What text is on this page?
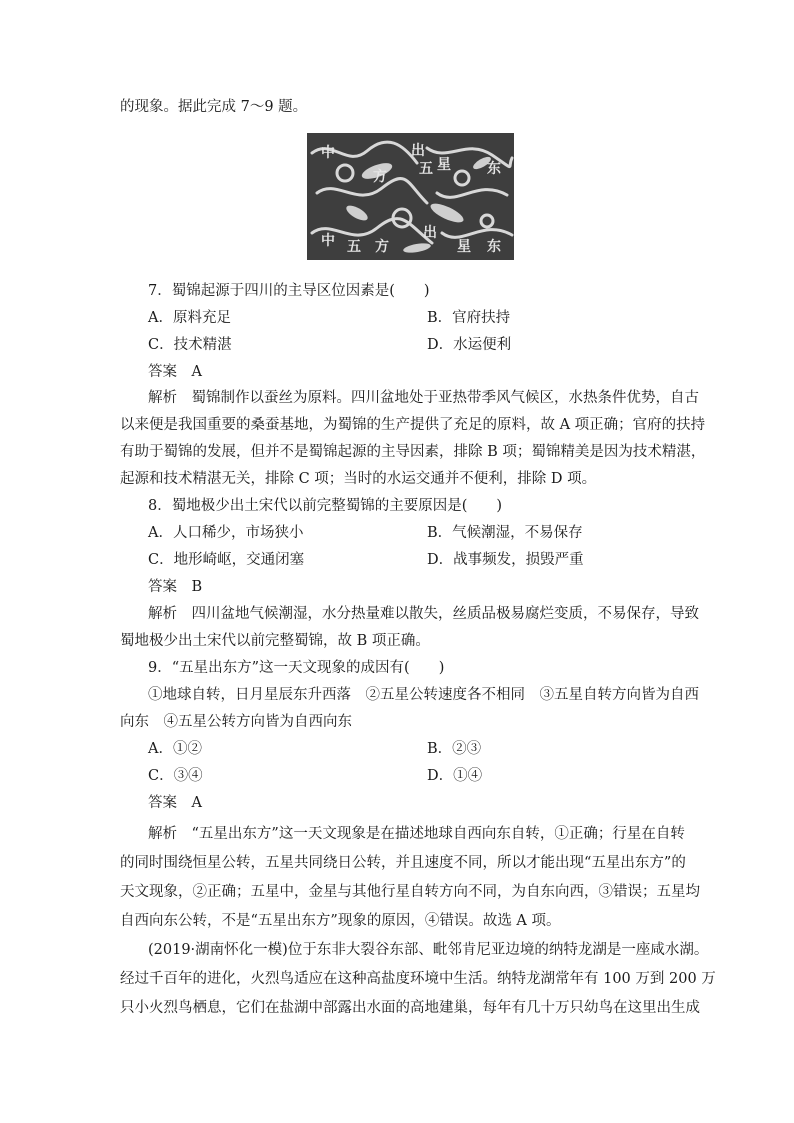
的现象。据此完成 7～9 题。
中
星	东
方
出
五
星
中	方	东
出
五
7．蜀锦起源于四川的主导区位因素是(　　)
A．原料充足	B．官府扶持
C．技术精湛	D．水运便利
答案　A
解析　蜀锦制作以蚕丝为原料。四川盆地处于亚热带季风气候区，水热条件优势，自古
以来便是我国重要的桑蚕基地，为蜀锦的生产提供了充足的原料，故 A 项正确；官府的扶持
有助于蜀锦的发展，但并不是蜀锦起源的主导因素，排除 B 项；蜀锦精美是因为技术精湛，
起源和技术精湛无关，排除 C 项；当时的水运交通并不便利，排除 D 项。
8．蜀地极少出土宋代以前完整蜀锦的主要原因是(　　)
A．人口稀少，市场狭小	B．气候潮湿，不易保存
C．地形崎岖，交通闭塞	D．战事频发，损毁严重
答案　B
解析　四川盆地气候潮湿，水分热量难以散失，丝质品极易腐烂变质，不易保存，导致
蜀地极少出土宋代以前完整蜀锦，故 B 项正确。
9．“五星出东方”这一天文现象的成因有(　　)
①地球自转，日月星辰东升西落　②五星公转速度各不相同　③五星自转方向皆为自西
向东　④五星公转方向皆为自西向东
A．①②	B．②③
C．③④	D．①④
答案　A
解析　“五星出东方”这一天文现象是在描述地球自西向东自转，①正确；行星在自转
的同时围绕恒星公转，五星共同绕日公转，并且速度不同，所以才能出现“五星出东方”的
天文现象，②正确；五星中，金星与其他行星自转方向不同，为自东向西，③错误；五星均
自西向东公转，不是“五星出东方”现象的原因，④错误。故选 A 项。
(2019·湖南怀化一模)位于东非大裂谷东部、毗邻肯尼亚边境的纳特龙湖是一座咸水湖。
经过千百年的进化，火烈鸟适应在这种高盐度环境中生活。纳特龙湖常年有 100 万到 200 万
只小火烈鸟栖息，它们在盐湖中部露出水面的高地建巢，每年有几十万只幼鸟在这里出生成
